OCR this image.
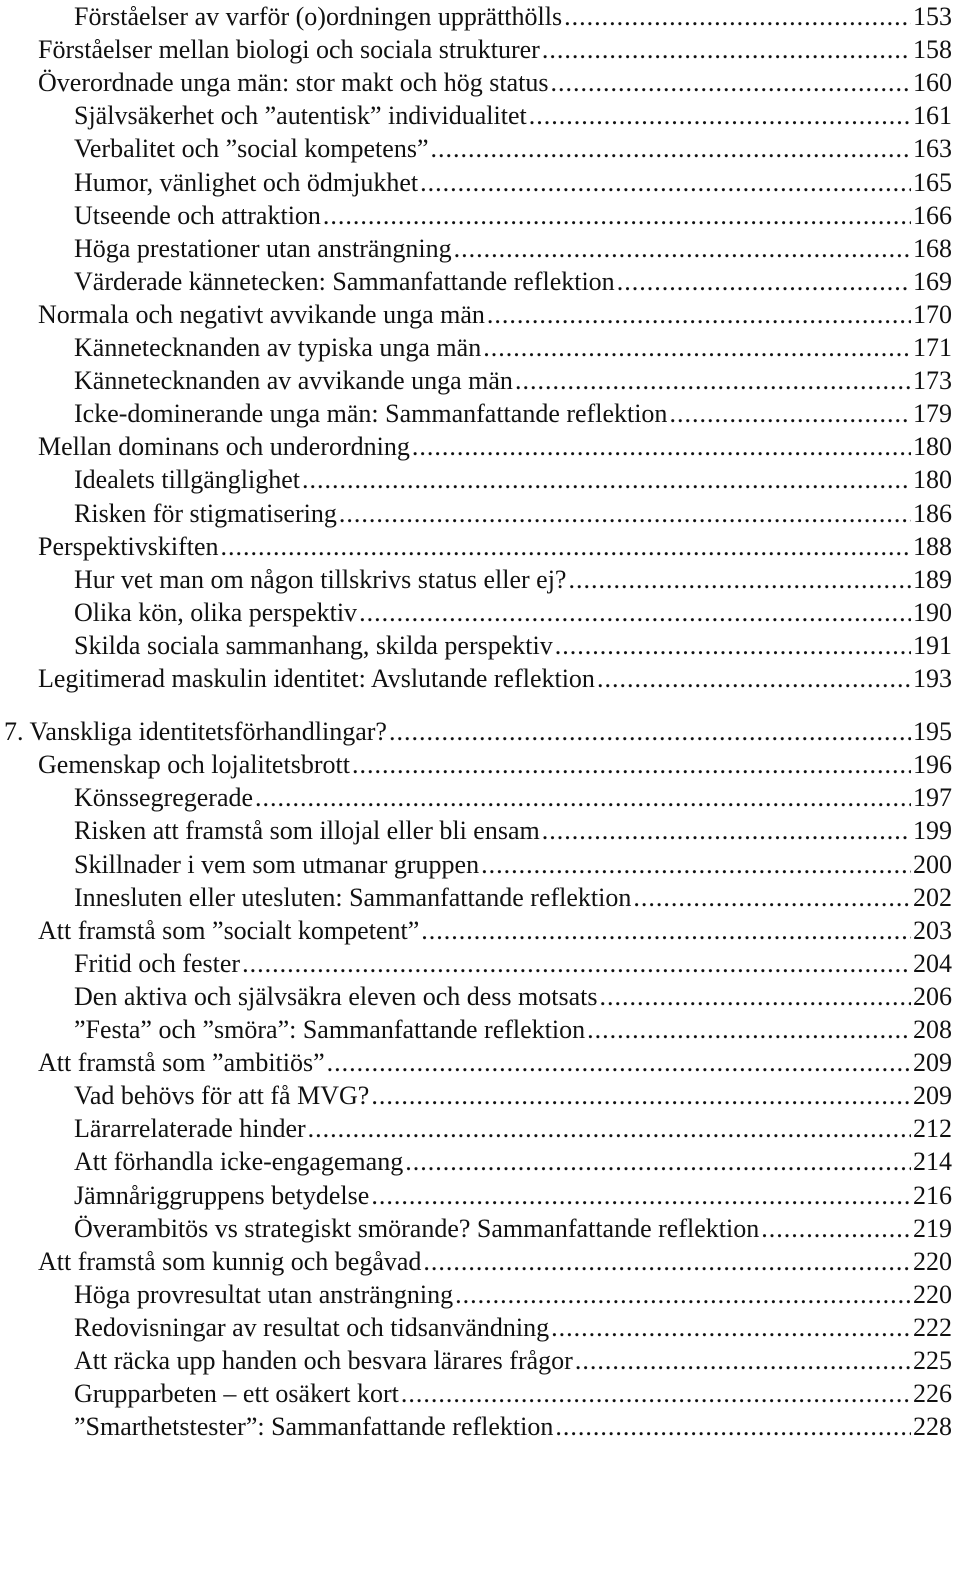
Förståelser av varför (o)ordningen upprätthölls .....	153
Förståelser mellan biologi och sociala strukturer .....	158
Överordnade unga män: stor makt och hög status .....	160
Självsäkerhet och ”autentisk” individualitet .....	161
Verbalitet och ”social kompetens” .....	163
Humor, vänlighet och ödmjukhet .....	165
Utseende och attraktion .....	166
Höga prestationer utan ansträngning .....	168
Värderade kännetecken: Sammanfattande reflektion .....	169
Normala och negativt avvikande unga män .....	170
Kännetecknanden av typiska unga män .....	171
Kännetecknanden av avvikande unga män .....	173
Icke-dominerande unga män: Sammanfattande reflektion .....	179
Mellan dominans och underordning .....	180
Idealets tillgänglighet .....	180
Risken för stigmatisering .....	186
Perspektivskiften .....	188
Hur vet man om någon tillskrivs status eller ej? .....	189
Olika kön, olika perspektiv .....	190
Skilda sociala sammanhang, skilda perspektiv .....	191
Legitimerad maskulin identitet: Avslutande reflektion .....	193
7. Vanskliga identitetsförhandlingar? .....	195
Gemenskap och lojalitetsbrott .....	196
Könssegregerade .....	197
Risken att framstå som illojal eller bli ensam .....	199
Skillnader i vem som utmanar gruppen .....	200
Innesluten eller utesluten: Sammanfattande reflektion .....	202
Att framstå som ”socialt kompetent” .....	203
Fritid och fester .....	204
Den aktiva och självsäkra eleven och dess motsats .....	206
”Festa” och ”smöra”: Sammanfattande reflektion .....	208
Att framstå som ”ambitiös” .....	209
Vad behövs för att få MVG? .....	209
Lärarrelaterade hinder .....	212
Att förhandla icke-engagemang .....	214
Jämnåriggruppens betydelse .....	216
Överambitös vs strategiskt smörande? Sammanfattande reflektion .....	219
Att framstå som kunnig och begåvad .....	220
Höga provresultat utan ansträngning .....	220
Redovisningar av resultat och tidsanvändning .....	222
Att räcka upp handen och besvara lärares frågor .....	225
Grupparbeten – ett osäkert kort .....	226
”Smarthetstester”: Sammanfattande reflektion .....	228
